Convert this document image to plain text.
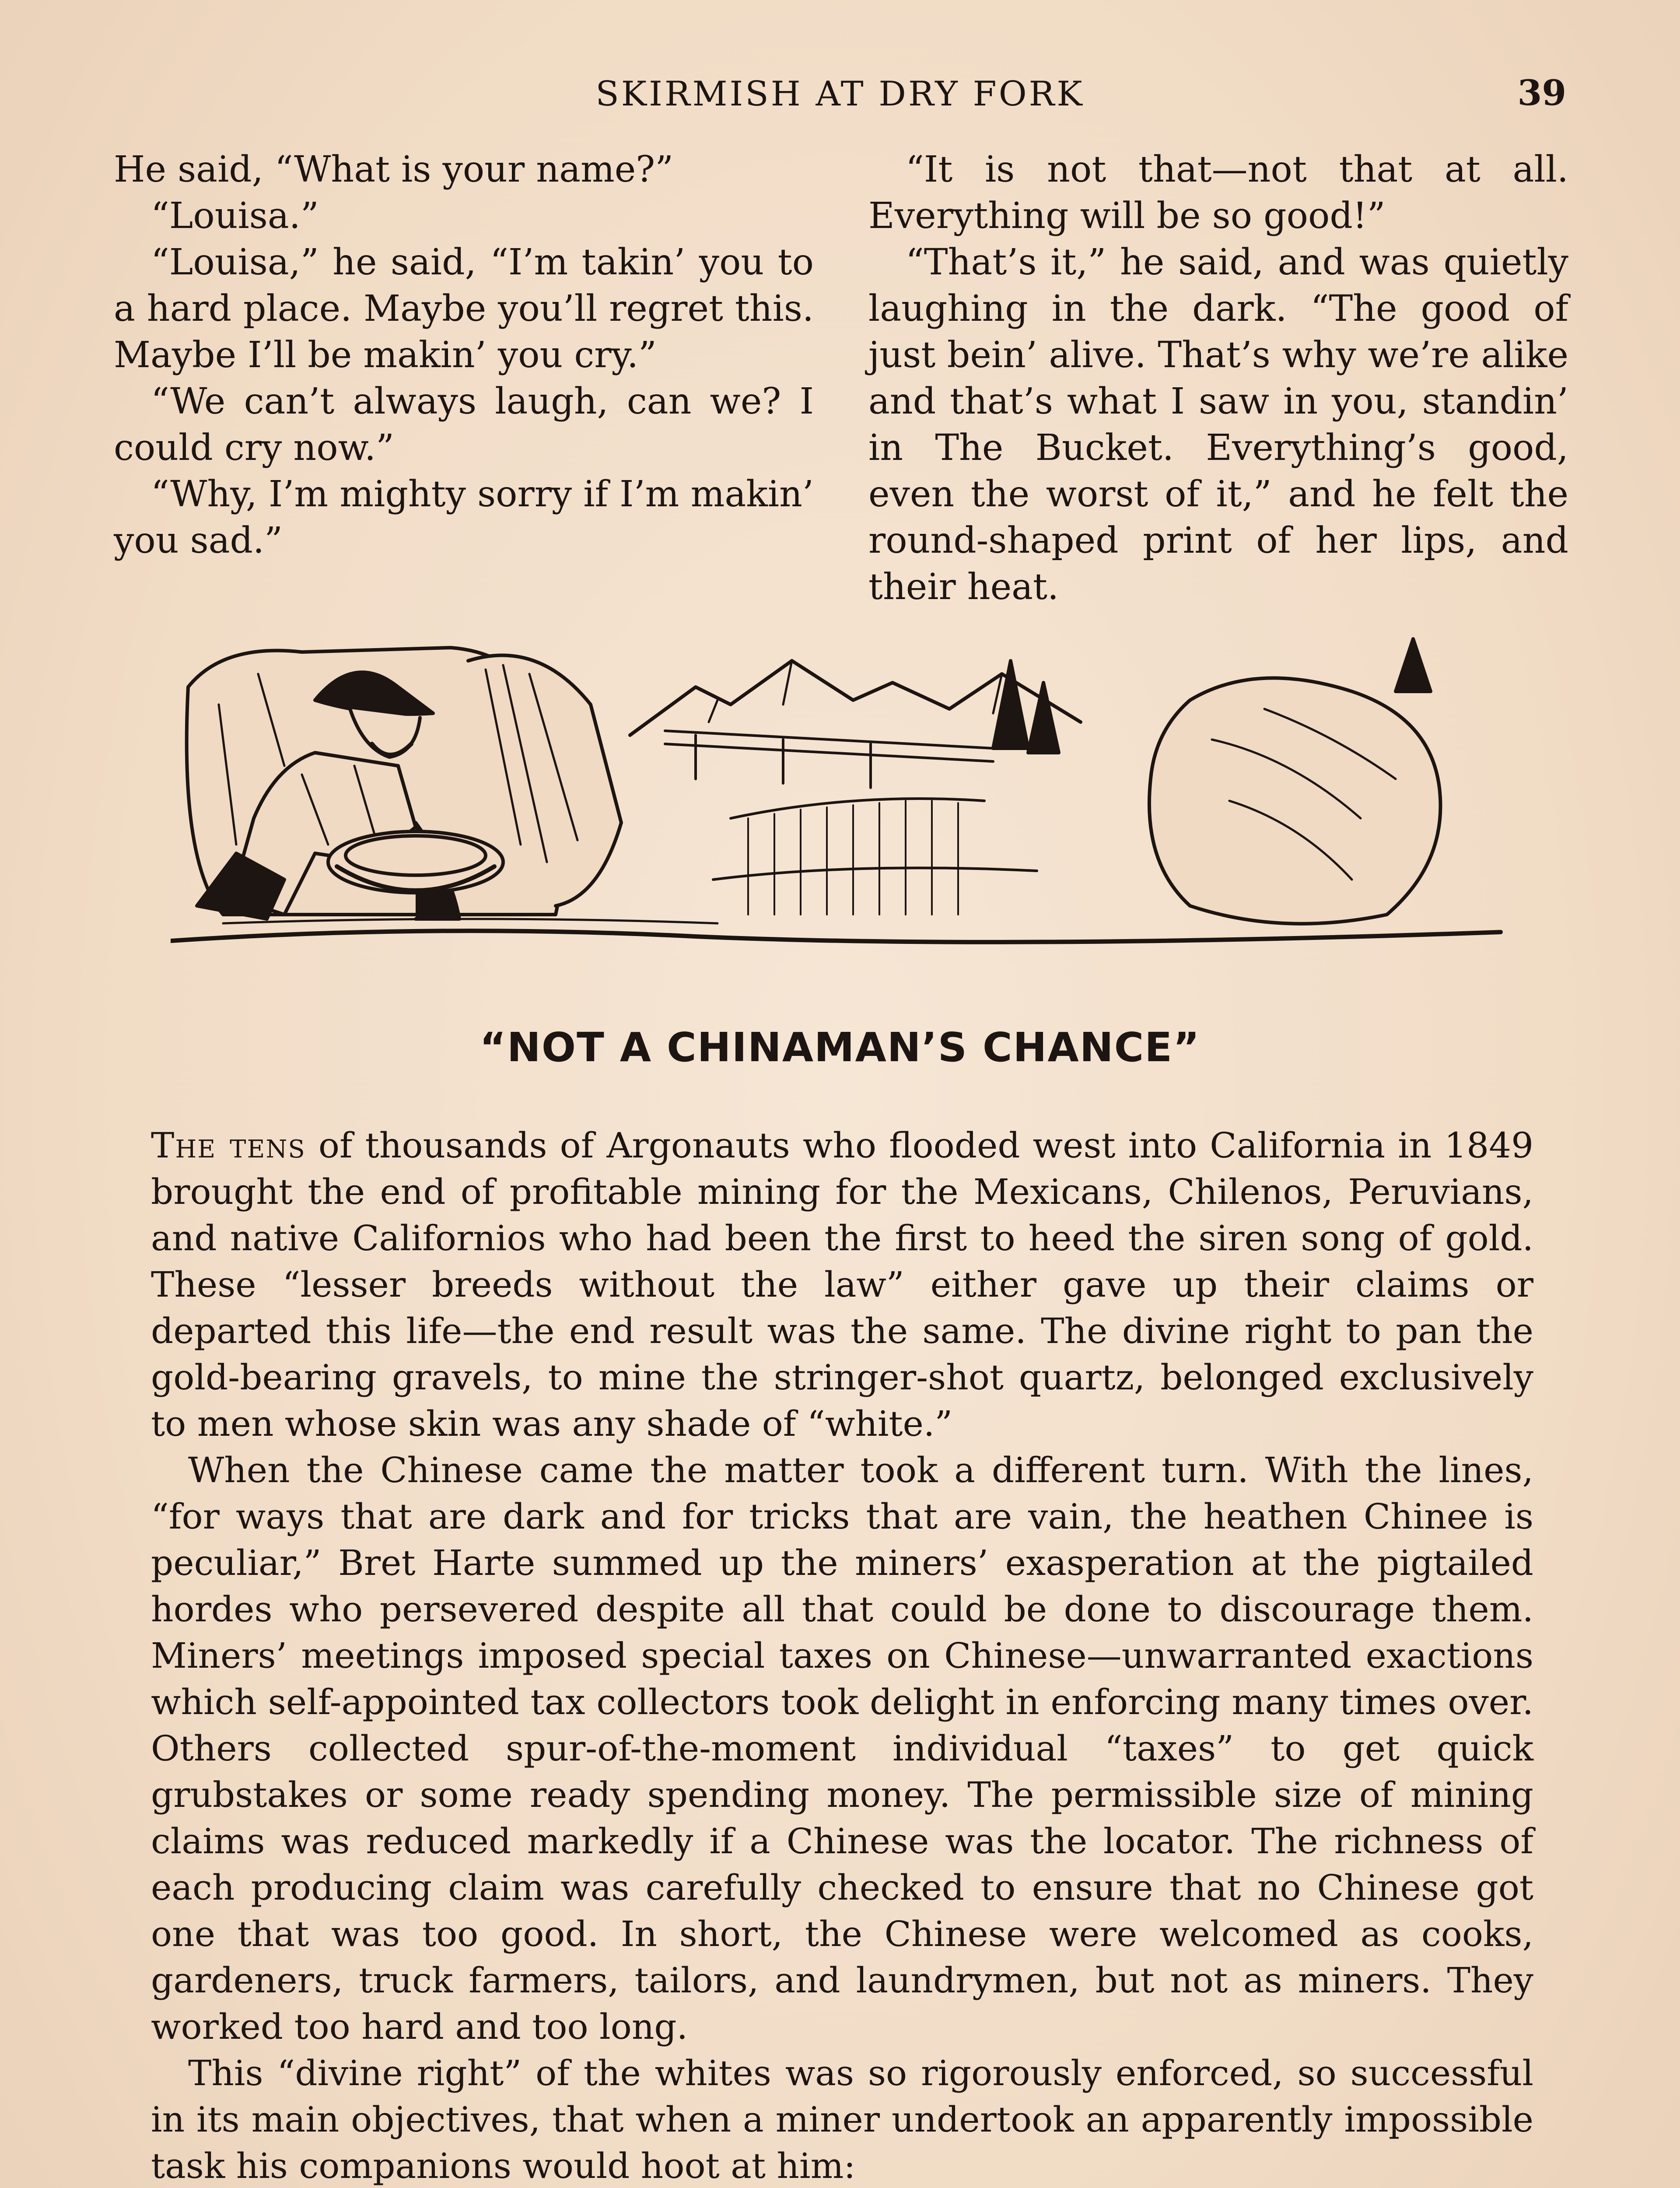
SKIRMISH AT DRY FORK	39

He said, “What is your name?”

“Louisa.”

“Louisa,” he said, “I’m takin’ you to a hard place. Maybe you’ll regret this. Maybe I’ll be makin’ you cry.”

“We can’t always laugh, can we? I could cry now.”

“Why, I’m mighty sorry if I’m makin’ you sad.”

“It is not that—not that at all. Everything will be so good!”

“That’s it,” he said, and was quietly laughing in the dark. “The good of just bein’ alive. That’s why we’re alike and that’s what I saw in you, standin’ in The Bucket. Everything’s good, even the worst of it,” and he felt the round-shaped print of her lips, and their heat.

“NOT A CHINAMAN’S CHANCE”

The tens of thousands of Argonauts who flooded west into California in 1849 brought the end of profitable mining for the Mexicans, Chilenos, Peruvians, and native Californios who had been the first to heed the siren song of gold. These “lesser breeds without the law” either gave up their claims or departed this life—the end result was the same. The divine right to pan the gold-bearing gravels, to mine the stringer-shot quartz, belonged exclusively to men whose skin was any shade of “white.”

When the Chinese came the matter took a different turn. With the lines, “for ways that are dark and for tricks that are vain, the heathen Chinee is peculiar,” Bret Harte summed up the miners’ exasperation at the pigtailed hordes who persevered despite all that could be done to discourage them. Miners’ meetings imposed special taxes on Chinese—unwarranted exactions which self-appointed tax collectors took delight in enforcing many times over. Others collected spur-of-the-moment individual “taxes” to get quick grubstakes or some ready spending money. The permissible size of mining claims was reduced markedly if a Chinese was the locator. The richness of each producing claim was carefully checked to ensure that no Chinese got one that was too good. In short, the Chinese were welcomed as cooks, gardeners, truck farmers, tailors, and laundrymen, but not as miners. They worked too hard and too long.

This “divine right” of the whites was so rigorously enforced, so successful in its main objectives, that when a miner undertook an apparently impossible task his companions would hoot at him:
